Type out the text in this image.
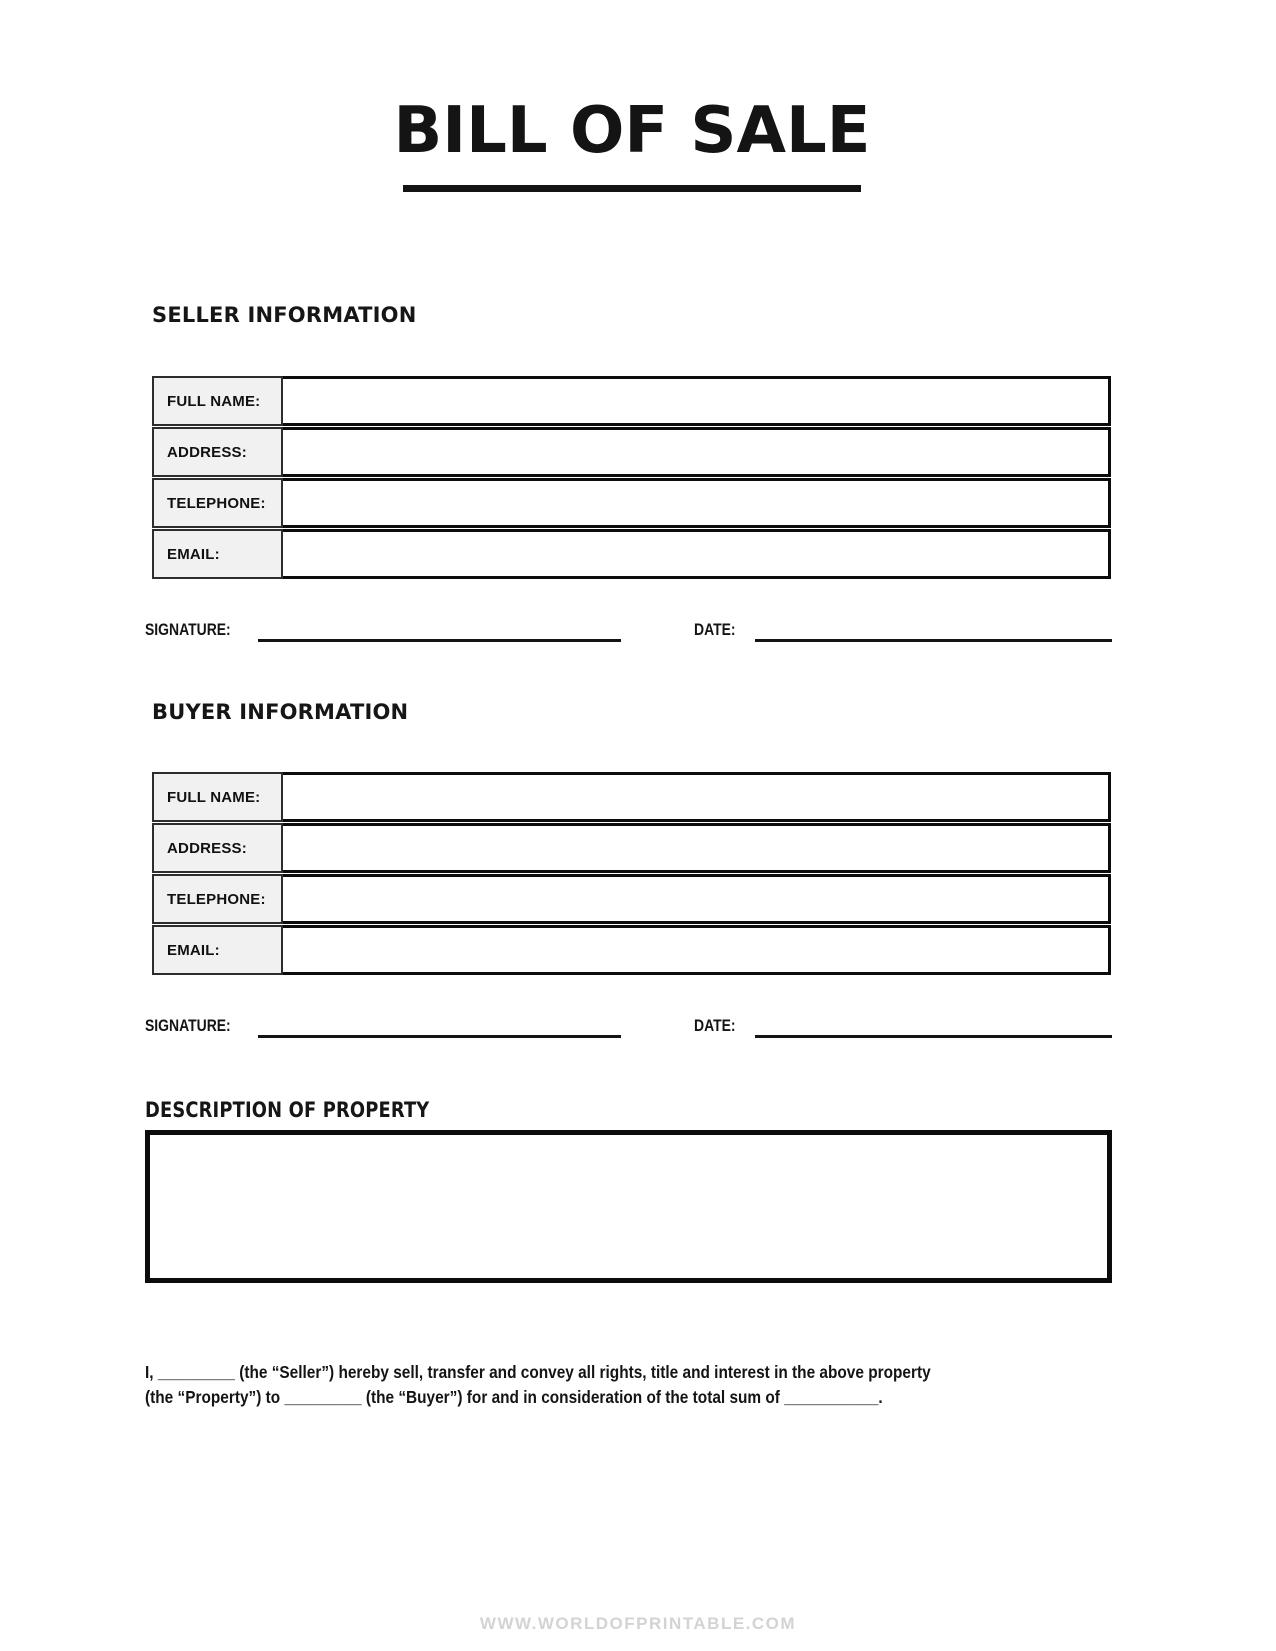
BILL OF SALE
SELLER INFORMATION
FULL NAME:
ADDRESS:
TELEPHONE:
EMAIL:
SIGNATURE:	DATE:
BUYER INFORMATION
FULL NAME:
ADDRESS:
TELEPHONE:
EMAIL:
SIGNATURE:	DATE:
DESCRIPTION OF PROPERTY
I, _________ (the “Seller”) hereby sell, transfer and convey all rights, title and interest in the above property
(the “Property”) to _________ (the “Buyer”) for and in consideration of the total sum of ___________.
WWW.WORLDOFPRINTABLE.COM
